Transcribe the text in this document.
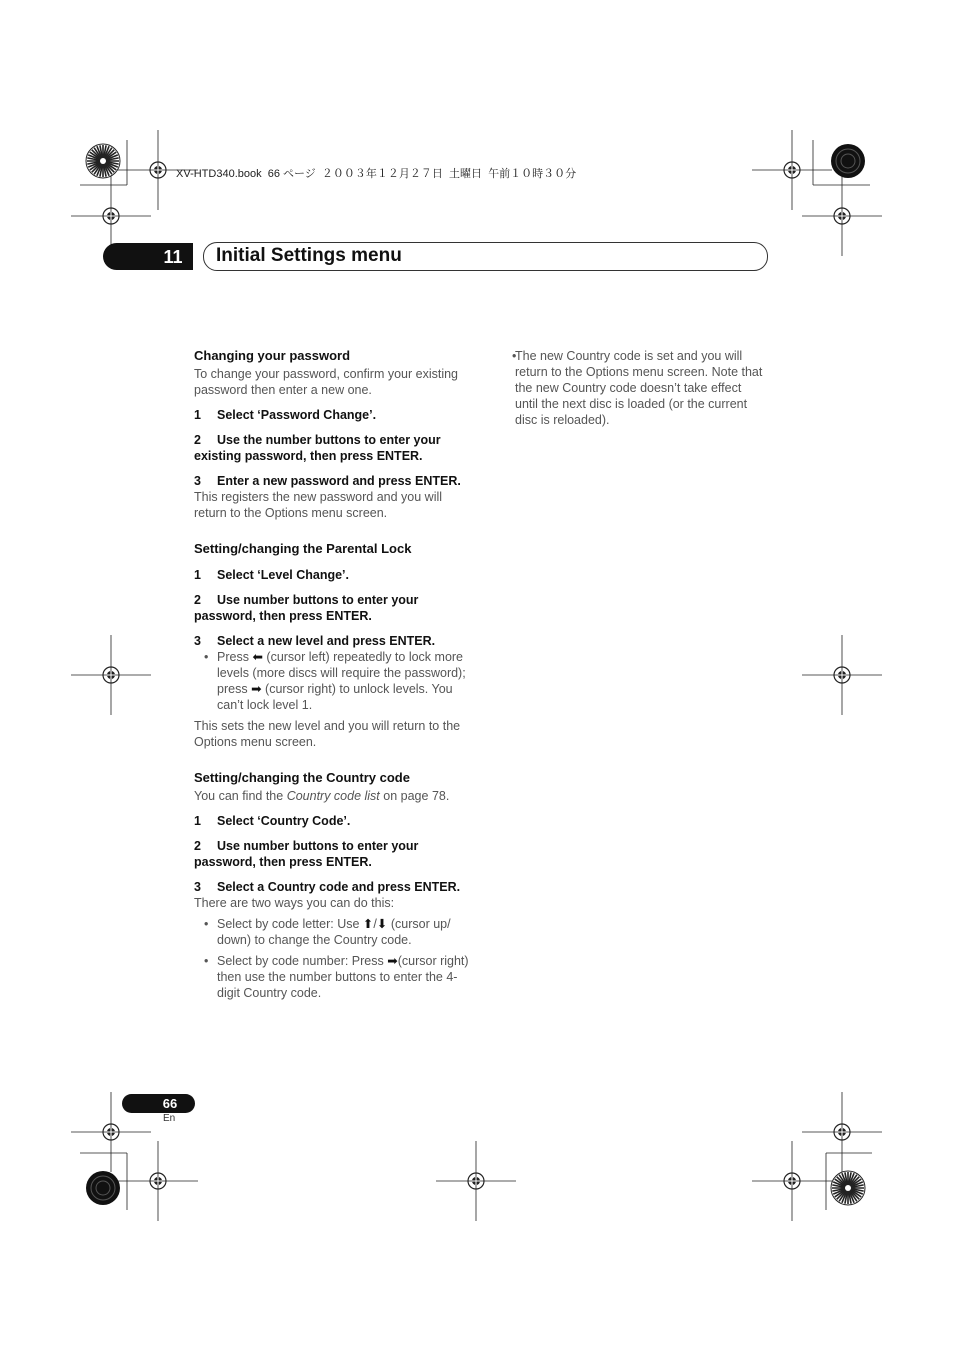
XV-HTD340.book  66 ページ  ２００３年１２月２７日  土曜日  午前１０時３０分
11	Initial Settings menu
Changing your password
To change your password, confirm your existing password then enter a new one.
1 Select ‘Password Change’.
2 Use the number buttons to enter your existing password, then press ENTER.
3 Enter a new password and press ENTER.
This registers the new password and you will return to the Options menu screen.
Setting/changing the Parental Lock
1 Select ‘Level Change’.
2 Use number buttons to enter your password, then press ENTER.
3 Select a new level and press ENTER.
• Press ⬅ (cursor left) repeatedly to lock more levels (more discs will require the password); press ➡ (cursor right) to unlock levels. You can’t lock level 1.
This sets the new level and you will return to the Options menu screen.
Setting/changing the Country code
You can find the Country code list on page 78.
1 Select ‘Country Code’.
2 Use number buttons to enter your password, then press ENTER.
3 Select a Country code and press ENTER.
There are two ways you can do this:
• Select by code letter: Use ⬆/⬇ (cursor up/ down) to change the Country code.
• Select by code number: Press ➡(cursor right) then use the number buttons to enter the 4-digit Country code.
• The new Country code is set and you will return to the Options menu screen. Note that the new Country code doesn’t take effect until the next disc is loaded (or the current disc is reloaded).
66
En
